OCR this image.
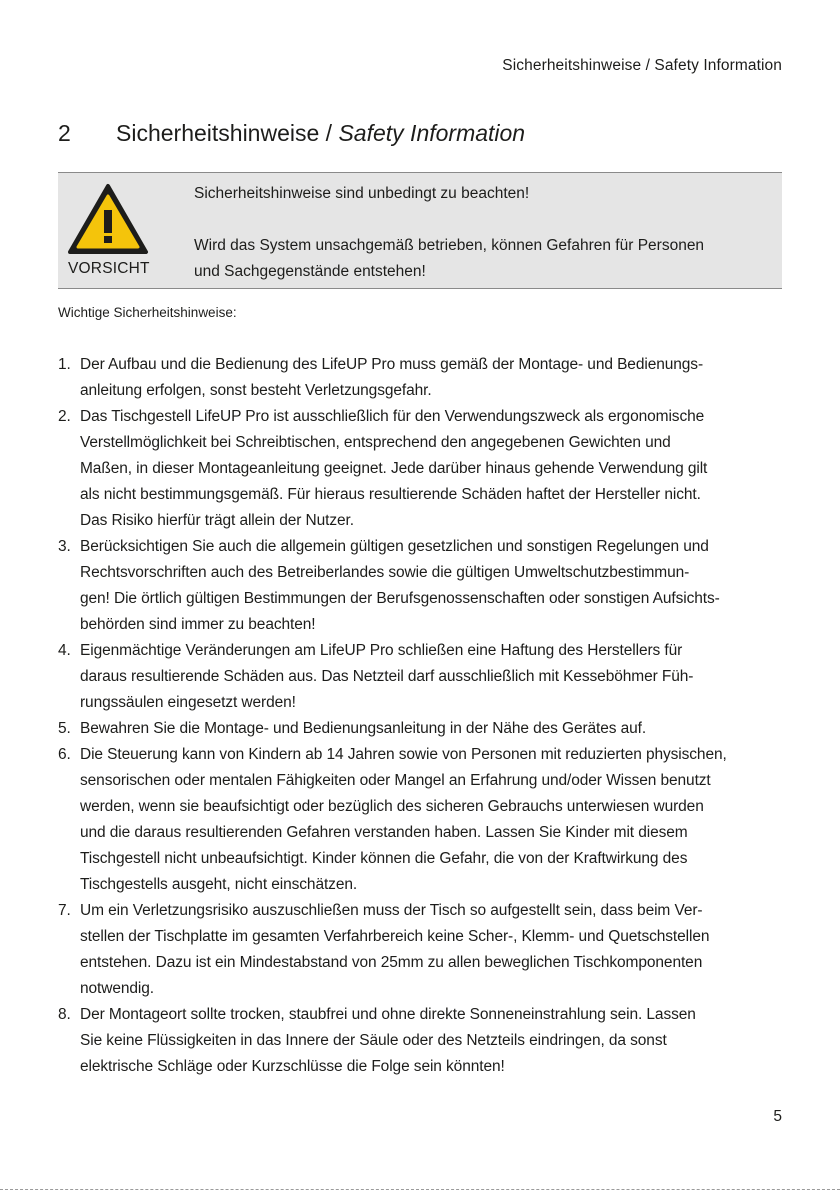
Sicherheitshinweise / Safety Information
2 Sicherheitshinweise / Safety Information
VORSICHT

Sicherheitshinweise sind unbedingt zu beachten!

Wird das System unsachgemäß betrieben, können Gefahren für Personen

und Sachgegenstände entstehen!

Wichtige Sicherheitshinweise:
1. Der Aufbau und die Bedienung des LifeUP Pro muss gemäß der Montage- und Bedienungs-
anleitung erfolgen, sonst besteht Verletzungsgefahr.
2. Das Tischgestell LifeUP Pro ist ausschließlich für den Verwendungszweck als ergonomische
Verstellmöglichkeit bei Schreibtischen, entsprechend den angegebenen Gewichten und
Maßen, in dieser Montageanleitung geeignet. Jede darüber hinaus gehende Verwendung gilt
als nicht bestimmungsgemäß. Für hieraus resultierende Schäden haftet der Hersteller nicht.
Das Risiko hierfür trägt allein der Nutzer.
3. Berücksichtigen Sie auch die allgemein gültigen gesetzlichen und sonstigen Regelungen und
Rechtsvorschriften auch des Betreiberlandes sowie die gültigen Umweltschutzbestimmun-
gen! Die örtlich gültigen Bestimmungen der Berufsgenossenschaften oder sonstigen Aufsichts-
behörden sind immer zu beachten!
4. Eigenmächtige Veränderungen am LifeUP Pro schließen eine Haftung des Herstellers für
daraus resultierende Schäden aus. Das Netzteil darf ausschließlich mit Kesseböhmer Füh-
rungssäulen eingesetzt werden!
5. Bewahren Sie die Montage- und Bedienungsanleitung in der Nähe des Gerätes auf.
6. Die Steuerung kann von Kindern ab 14 Jahren sowie von Personen mit reduzierten physischen,
sensorischen oder mentalen Fähigkeiten oder Mangel an Erfahrung und/oder Wissen benutzt
werden, wenn sie beaufsichtigt oder bezüglich des sicheren Gebrauchs unterwiesen wurden
und die daraus resultierenden Gefahren verstanden haben. Lassen Sie Kinder mit diesem
Tischgestell nicht unbeaufsichtigt. Kinder können die Gefahr, die von der Kraftwirkung des
Tischgestells ausgeht, nicht einschätzen.
7. Um ein Verletzungsrisiko auszuschließen muss der Tisch so aufgestellt sein, dass beim Ver-
stellen der Tischplatte im gesamten Verfahrbereich keine Scher-, Klemm- und Quetschstellen
entstehen. Dazu ist ein Mindestabstand von 25mm zu allen beweglichen Tischkomponenten
notwendig.
8. Der Montageort sollte trocken, staubfrei und ohne direkte Sonneneinstrahlung sein. Lassen
Sie keine Flüssigkeiten in das Innere der Säule oder des Netzteils eindringen, da sonst
elektrische Schläge oder Kurzschlüsse die Folge sein könnten!
5
